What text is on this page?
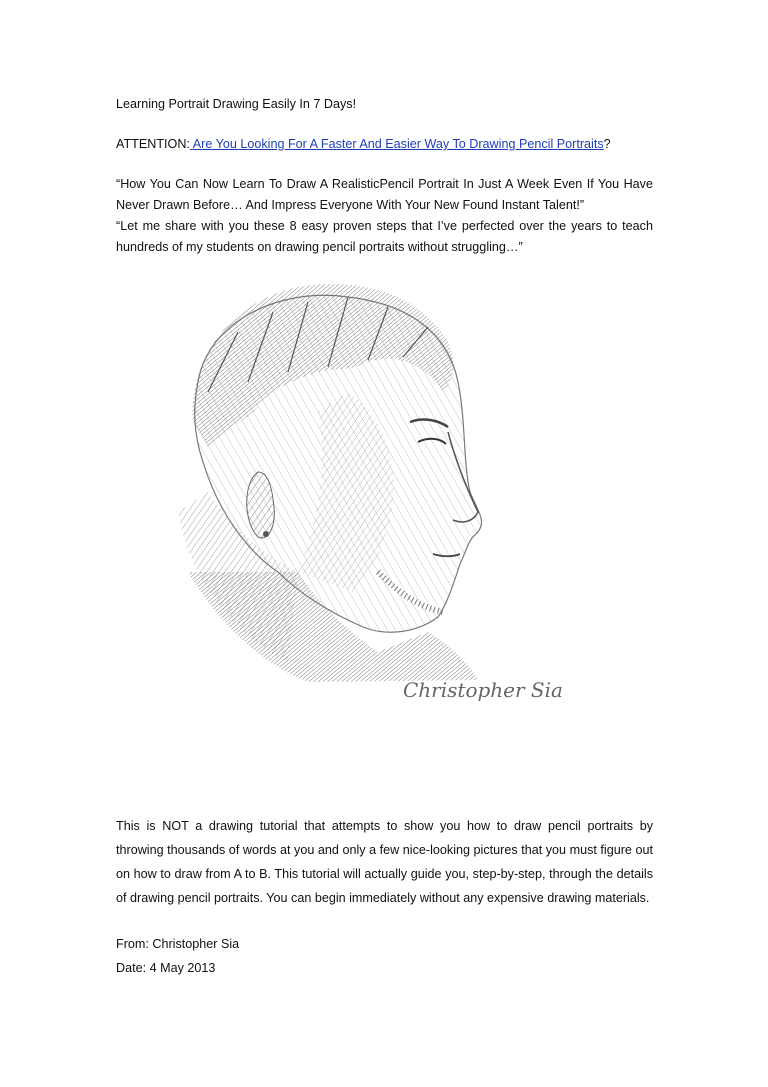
Learning Portrait Drawing Easily In 7 Days!
ATTENTION: Are You Looking For A Faster And Easier Way To Drawing Pencil Portraits?
“How You Can Now Learn To Draw A RealisticPencil Portrait In Just A Week Even If You Have Never Drawn Before… And Impress Everyone With Your New Found Instant Talent!”
“Let me share with you these 8 easy proven steps that I’ve perfected over the years to teach hundreds of my students on drawing pencil portraits without struggling…”
Christopher Sia
This is NOT a drawing tutorial that attempts to show you how to draw pencil portraits by throwing thousands of words at you and only a few nice-looking pictures that you must figure out on how to draw from A to B. This tutorial will actually guide you, step-by-step, through the details of drawing pencil portraits. You can begin immediately without any expensive drawing materials.
From: Christopher Sia
Date: 4 May 2013
